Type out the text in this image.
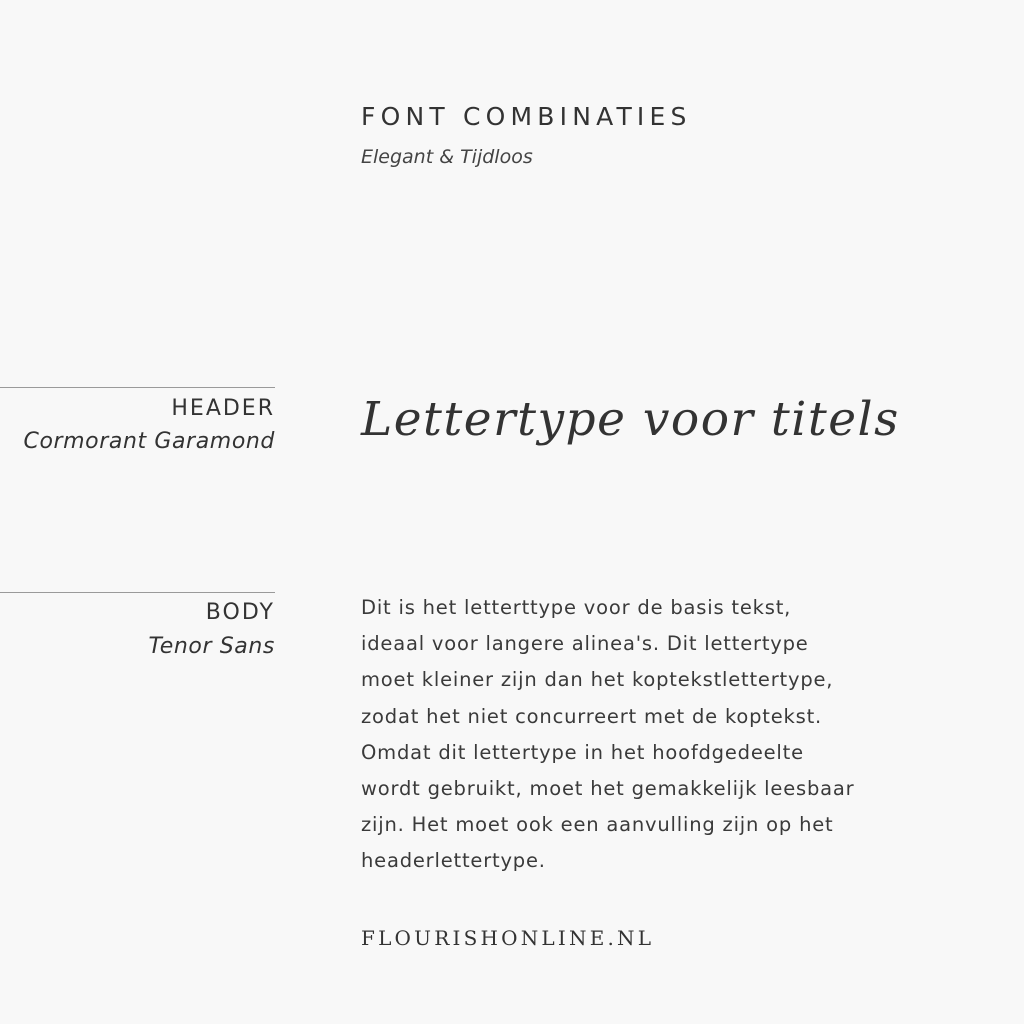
FONT COMBINATIES
Elegant & Tijdloos
HEADER
Cormorant Garamond Lettertype voor titels
BODY
Tenor Sans
Dit is het letterttype voor de basis tekst,
ideaal voor langere alinea's. Dit lettertype
moet kleiner zijn dan het koptekstlettertype,
zodat het niet concurreert met de koptekst.
Omdat dit lettertype in het hoofdgedeelte
wordt gebruikt, moet het gemakkelijk leesbaar
zijn. Het moet ook een aanvulling zijn op het
headerlettertype.
FLOURISHONLINE.NL
